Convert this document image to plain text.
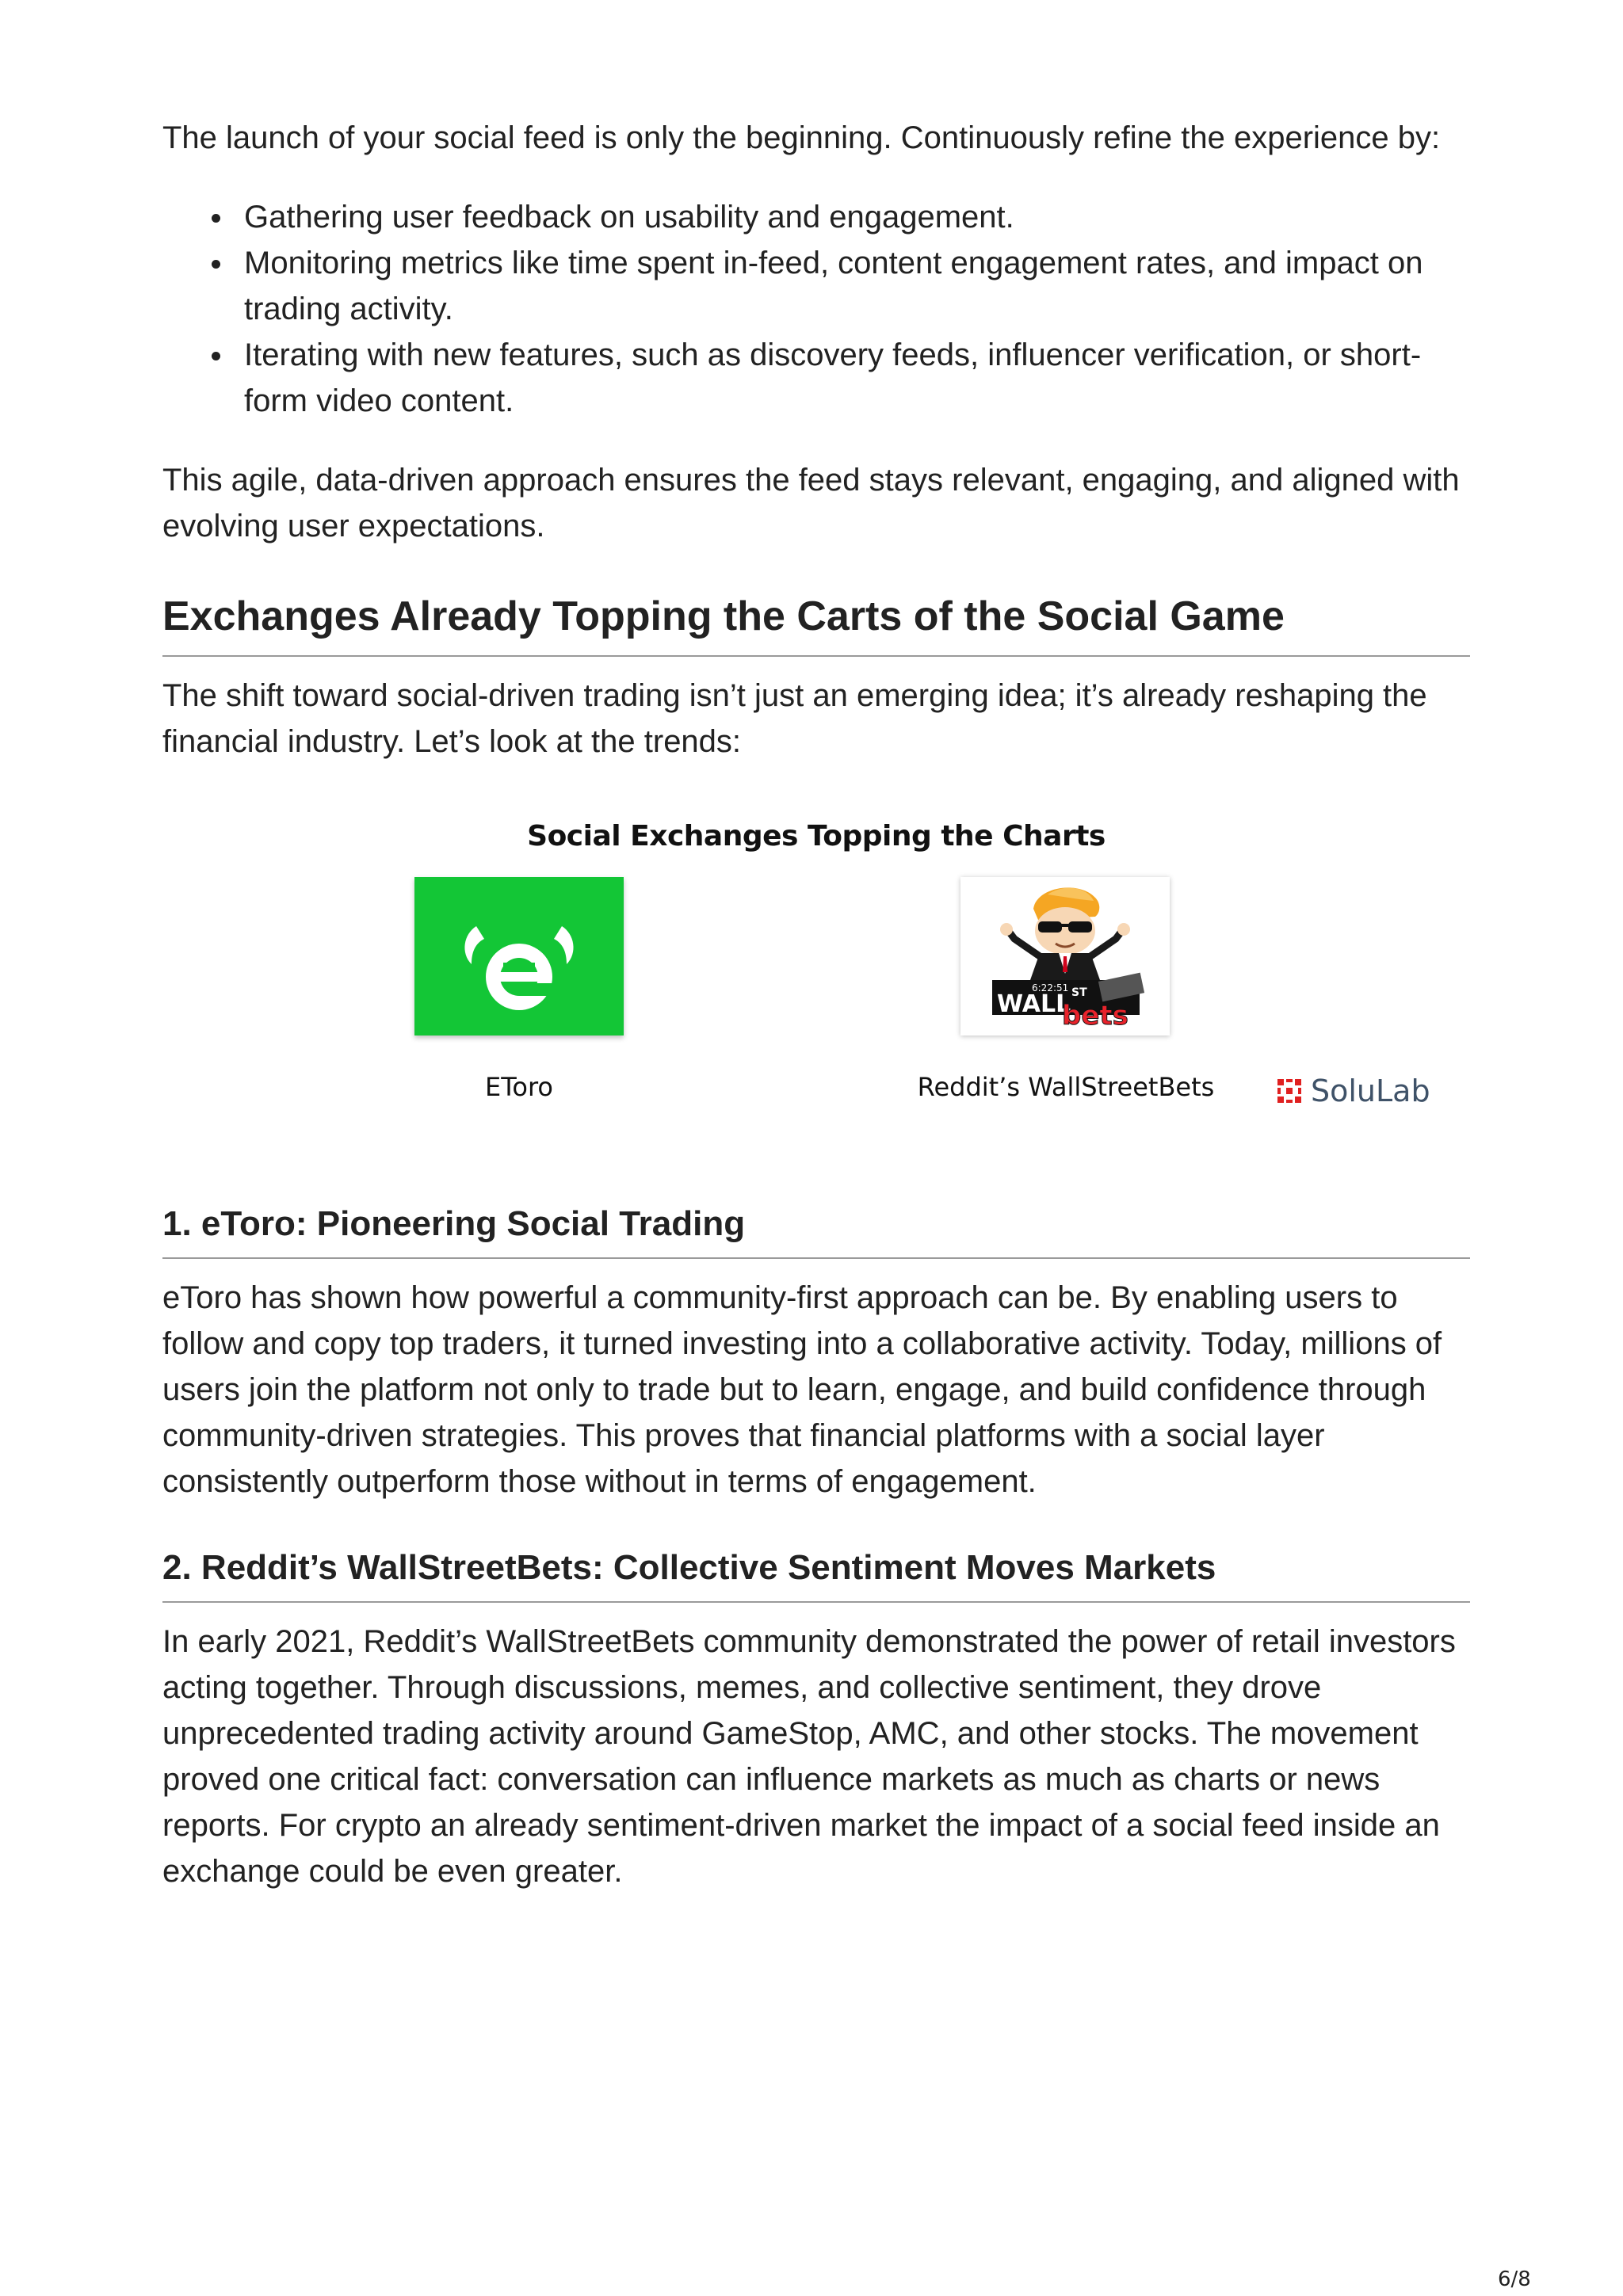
The launch of your social feed is only the beginning. Continuously refine the experience by:

Gathering user feedback on usability and engagement.
Monitoring metrics like time spent in-feed, content engagement rates, and impact on trading activity.
Iterating with new features, such as discovery feeds, influencer verification, or short-form video content.

This agile, data-driven approach ensures the feed stays relevant, engaging, and aligned with evolving user expectations.

Exchanges Already Topping the Carts of the Social Game

The shift toward social-driven trading isn’t just an emerging idea; it’s already reshaping the financial industry. Let’s look at the trends:

Social Exchanges Topping the Charts
6:22:51
WALL ST
bets
EToro	Reddit’s WallStreetBets	SoluLab
1. eToro: Pioneering Social Trading

eToro has shown how powerful a community-first approach can be. By enabling users to follow and copy top traders, it turned investing into a collaborative activity. Today, millions of users join the platform not only to trade but to learn, engage, and build confidence through community-driven strategies. This proves that financial platforms with a social layer consistently outperform those without in terms of engagement.

2. Reddit’s WallStreetBets: Collective Sentiment Moves Markets

In early 2021, Reddit’s WallStreetBets community demonstrated the power of retail investors acting together. Through discussions, memes, and collective sentiment, they drove unprecedented trading activity around GameStop, AMC, and other stocks. The movement proved one critical fact: conversation can influence markets as much as charts or news reports. For crypto an already sentiment-driven market the impact of a social feed inside an exchange could be even greater.

6/8
